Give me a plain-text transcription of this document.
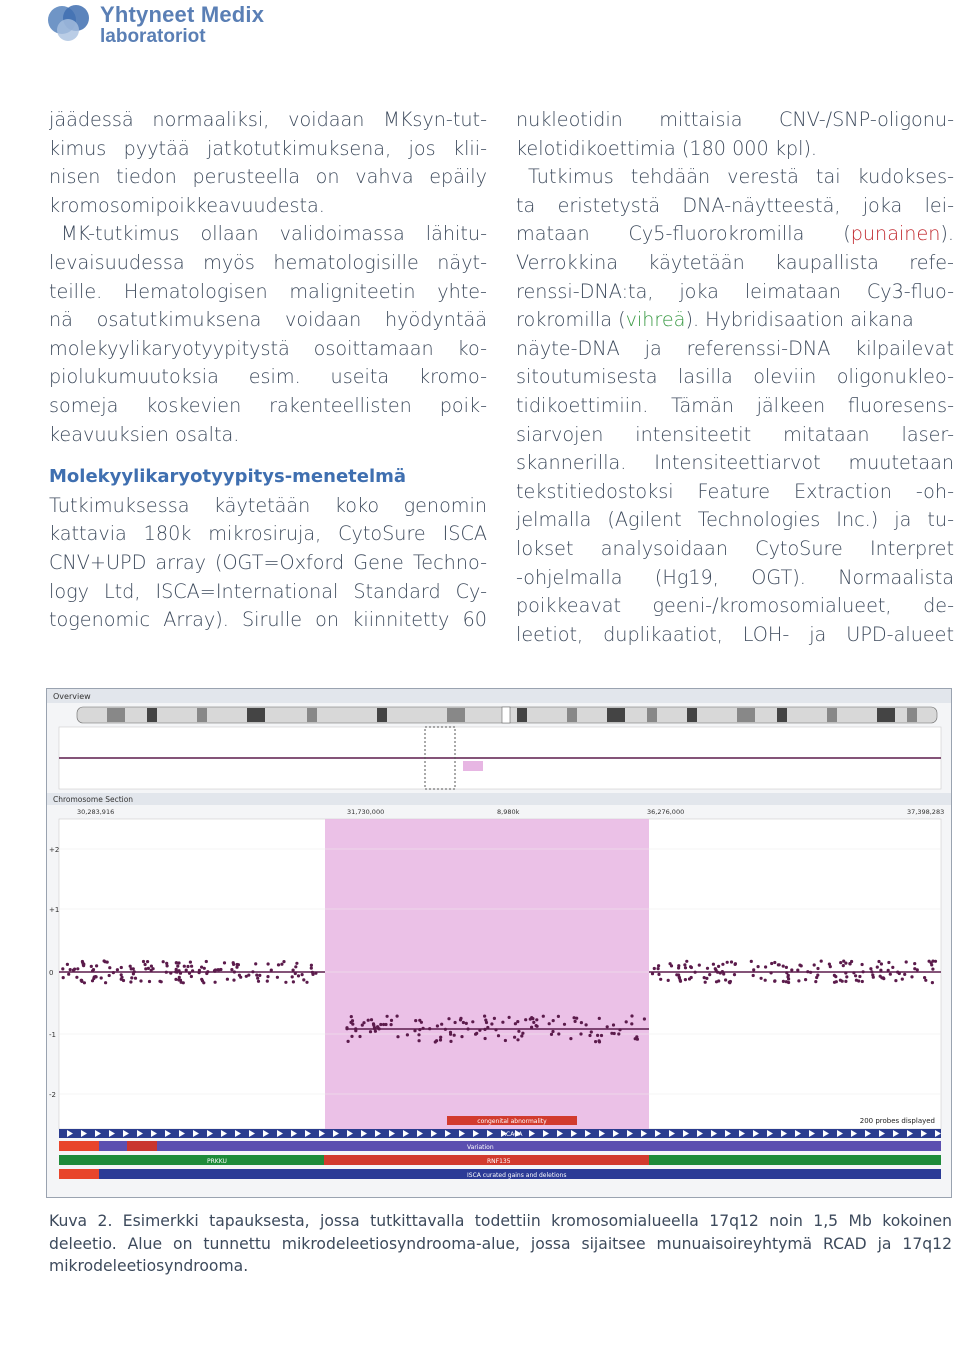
Yhtyneet Medix
laboratoriot
jäädessä normaaliksi, voidaan MKsyn-tut-
kimus pyytää jatkotutkimuksena, jos klii-
nisen tiedon perusteella on vahva epäily
kromosomipoikkeavuudesta.
MK-tutkimus ollaan validoimassa lähitu-
levaisuudessa myös hematologisille näyt-
teille. Hematologisen maligniteetin yhte-
nä osatutkimuksena voidaan hyödyntää
molekyylikaryotyypitystä osoittamaan ko-
piolukumuutoksia esim. useita kromo-
someja koskevien rakenteellisten poik-
keavuuksien osalta.
Molekyylikaryotyypitys-menetelmä
Tutkimuksessa käytetään koko genomin
kattavia 180k mikrosiruja, CytoSure ISCA
CNV+UPD array (OGT=Oxford Gene Techno-
logy Ltd, ISCA=International Standard Cy-
togenomic Array). Sirulle on kiinnitetty 60
nukleotidin mittaisia CNV-/SNP-oligonu-
kelotidikoettimia (180 000 kpl).
Tutkimus tehdään verestä tai kudokses-
ta eristetystä DNA-näytteestä, joka lei-
mataan Cy5-fluorokromilla (punainen).
Verrokkina käytetään kaupallista refe-
renssi-DNA:ta, joka leimataan Cy3-fluo-
rokromilla (vihreä). Hybridisaation aikana
näyte-DNA ja referenssi-DNA kilpailevat
sitoutumisesta lasilla oleviin oligonukleo-
tidikoettimiin. Tämän jälkeen fluoresens-
siarvojen intensiteetit mitataan laser-
skannerilla. Intensiteettiarvot muutetaan
tekstitiedostoksi Feature Extraction -oh-
jelmalla (Agilent Technologies Inc.) ja tu-
lokset analysoidaan CytoSure Interpret
-ohjelmalla (Hg19, OGT). Normaalista
poikkeavat geeni-/kromosomialueet, de-
leetiot, duplikaatiot, LOH- ja UPD-alueet
Overview
Chromosome Section
30,283,916	31,730,000	8,980k	36,276,000	37,398,283
+2
+1
0
-1
-2
congenital abnormality	200 probes displayed
ACACA
Variation
PRKKU	RNF135
ISCA curated gains and deletions
Kuva 2. Esimerkki tapauksesta, jossa tutkittavalla todettiin kromosomialueella 17q12 noin 1,5 Mb kokoinen
deleetio. Alue on tunnettu mikrodeleetiosyndrooma-alue, jossa sijaitsee munuaisoireyhtymä RCAD ja 17q12
mikrodeleetiosyndrooma.
